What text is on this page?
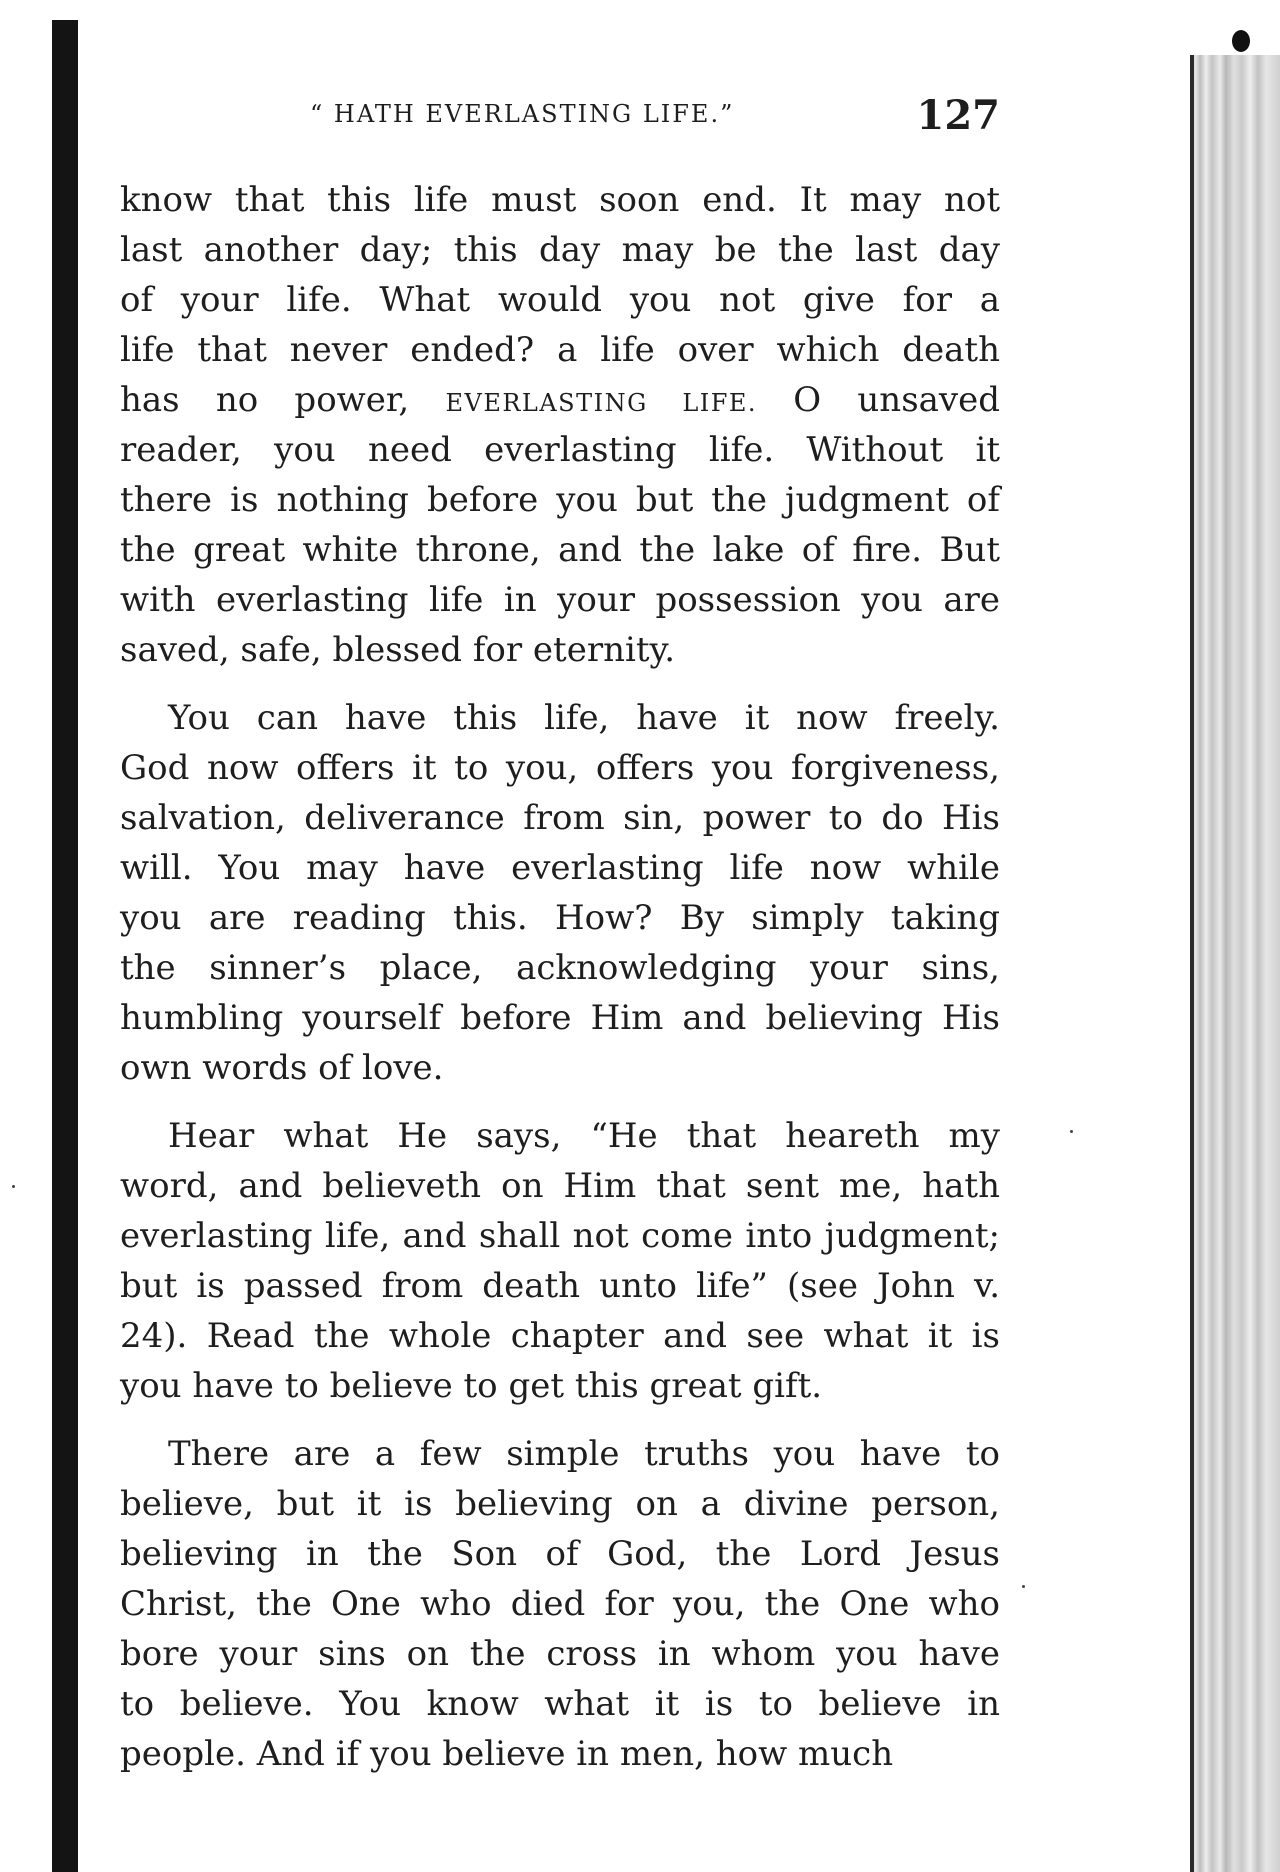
“ HATH EVERLASTING LIFE.”	127
know that this life must soon end. It may not
last another day; this day may be the last day
of your life. What would you not give for a
life that never ended? a life over which death
has no power, EVERLASTING LIFE. O unsaved
reader, you need everlasting life. Without it
there is nothing before you but the judgment of
the great white throne, and the lake of fire. But
with everlasting life in your possession you are
saved, safe, blessed for eternity.
You can have this life, have it now freely.
God now offers it to you, offers you forgiveness,
salvation, deliverance from sin, power to do His
will. You may have everlasting life now while
you are reading this. How? By simply taking
the sinner’s place, acknowledging your sins,
humbling yourself before Him and believing His
own words of love.
Hear what He says, “He that heareth my
word, and believeth on Him that sent me, hath
everlasting life, and shall not come into judgment;
but is passed from death unto life” (see John v.
24). Read the whole chapter and see what it is
you have to believe to get this great gift.
There are a few simple truths you have to
believe, but it is believing on a divine person,
believing in the Son of God, the Lord Jesus
Christ, the One who died for you, the One who
bore your sins on the cross in whom you have
to believe. You know what it is to believe in
people. And if you believe in men, how much
